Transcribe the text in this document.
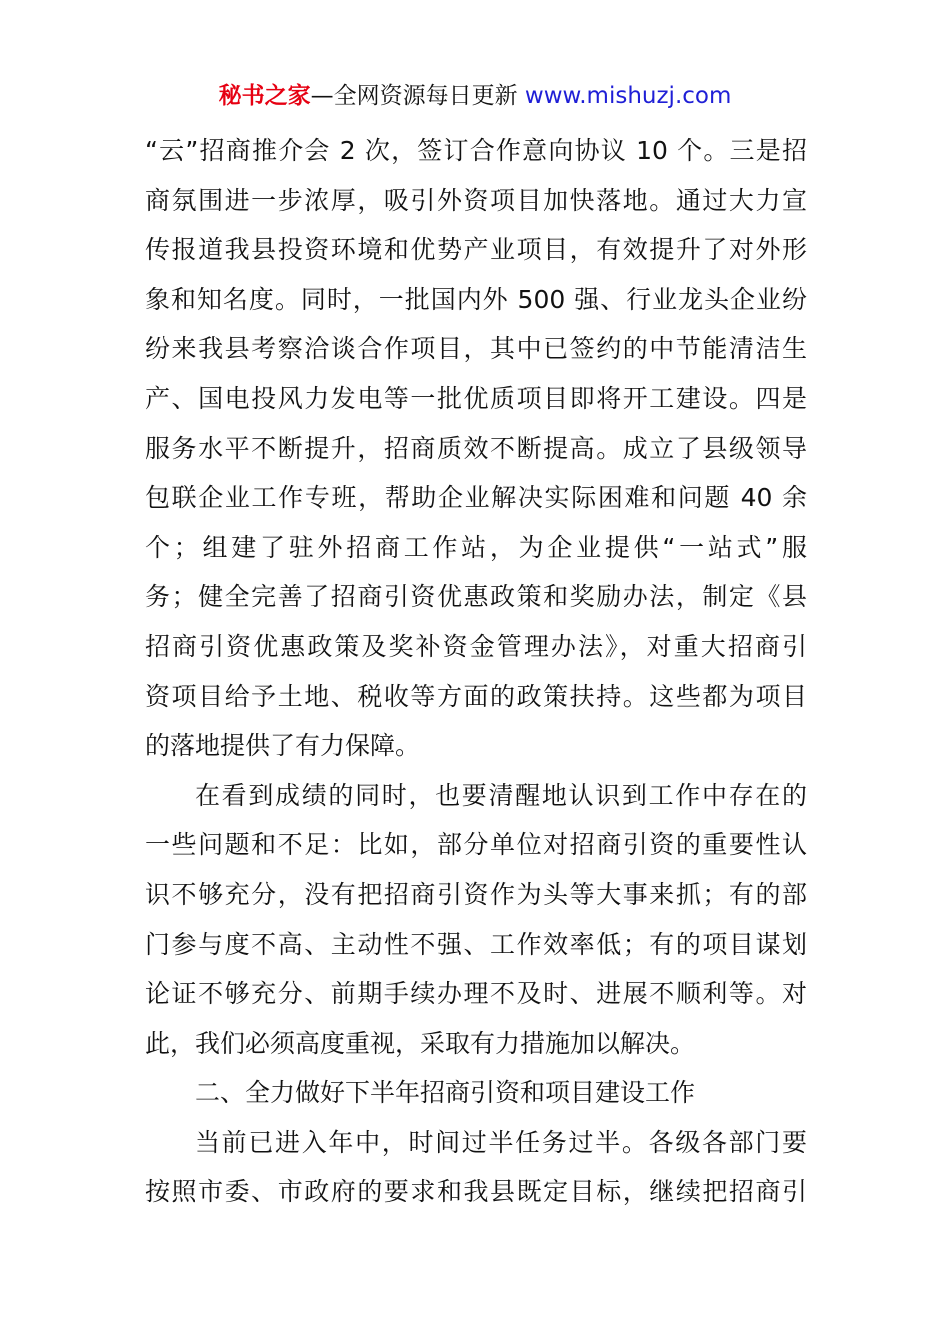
秘书之家—全网资源每日更新 www.mishuzj.com
“云”招商推介会 2 次，签订合作意向协议 10 个。三是招
商氛围进一步浓厚，吸引外资项目加快落地。通过大力宣
传报道我县投资环境和优势产业项目，有效提升了对外形
象和知名度。同时，一批国内外 500 强、行业龙头企业纷
纷来我县考察洽谈合作项目，其中已签约的中节能清洁生
产、国电投风力发电等一批优质项目即将开工建设。四是
服务水平不断提升，招商质效不断提高。成立了县级领导
包联企业工作专班，帮助企业解决实际困难和问题 40 余
个；组建了驻外招商工作站，为企业提供“一站式”服
务；健全完善了招商引资优惠政策和奖励办法，制定《县
招商引资优惠政策及奖补资金管理办法》，对重大招商引
资项目给予土地、税收等方面的政策扶持。这些都为项目
的落地提供了有力保障。
在看到成绩的同时，也要清醒地认识到工作中存在的
一些问题和不足：比如，部分单位对招商引资的重要性认
识不够充分，没有把招商引资作为头等大事来抓；有的部
门参与度不高、主动性不强、工作效率低；有的项目谋划
论证不够充分、前期手续办理不及时、进展不顺利等。对
此，我们必须高度重视，采取有力措施加以解决。
二、全力做好下半年招商引资和项目建设工作
当前已进入年中，时间过半任务过半。各级各部门要
按照市委、市政府的要求和我县既定目标，继续把招商引
